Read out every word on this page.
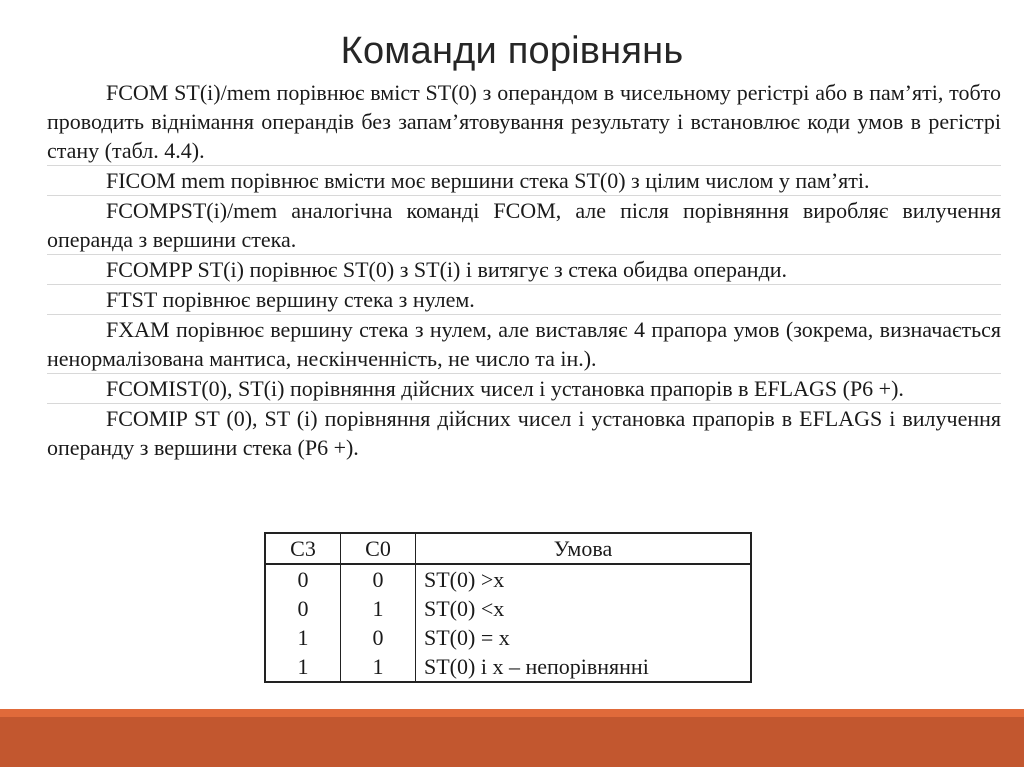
Команди порівнянь

FCOM ST(i)/mem порівнює вміст ST(0) з операндом в чисельному регістрі або в пам’яті, тобто проводить віднімання операндів без запам’ятовування результату і встановлює коди умов в регістрі стану (табл. 4.4).

FICOM mem порівнює вмісти моє вершини стека ST(0) з цілим числом у пам’яті.

FCOMPST(i)/mem аналогічна команді FCOM, але після порівняння виробляє вилучення операнда з вершини стека.

FCOMPP ST(i) порівнює ST(0) з ST(i) і витягує з стека обидва операнди.

FTST порівнює вершину стека з нулем.

FXAM порівнює вершину стека з нулем, але виставляє 4 прапора умов (зокрема, визначається ненормалізована мантиса, нескінченність, не число та ін.).

FCOMIST(0), ST(i) порівняння дійсних чисел і установка прапорів в EFLAGS (P6 +).

FCOMIP ST (0), ST (i) порівняння дійсних чисел і установка прапорів в EFLAGS і вилучення операнду з вершини стека (P6 +).

C3	C0	Умова
0	0	ST(0) >x
0	1	ST(0) <x
1	0	ST(0) = x
1	1	ST(0) і x – непорівнянні
